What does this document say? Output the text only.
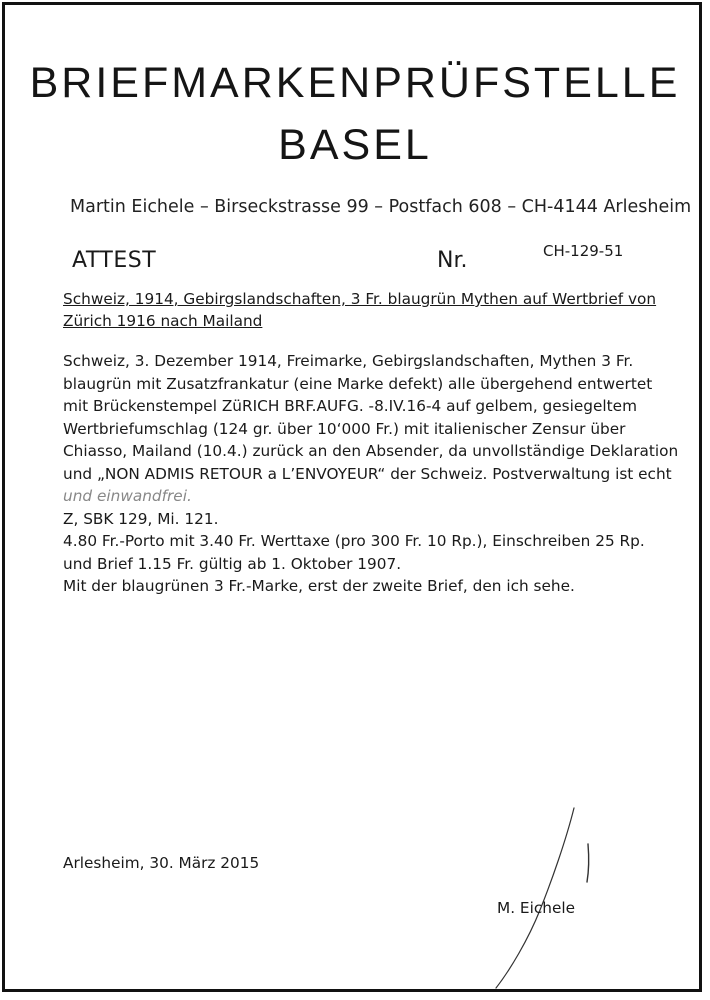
BRIEFMARKENPRÜFSTELLE
BASEL
Martin Eichele – Birseckstrasse 99 – Postfach 608 – CH-4144 Arlesheim
ATTEST	Nr.	CH-129-51
Schweiz, 1914, Gebirgslandschaften, 3 Fr. blaugrün Mythen auf Wertbrief von
Zürich 1916 nach Mailand
Schweiz, 3. Dezember 1914, Freimarke, Gebirgslandschaften, Mythen 3 Fr.
blaugrün mit Zusatzfrankatur (eine Marke defekt) alle übergehend entwertet
mit Brückenstempel ZüRICH BRF.AUFG. -8.IV.16-4 auf gelbem, gesiegeltem
Wertbriefumschlag (124 gr. über 10‘000 Fr.) mit italienischer Zensur über
Chiasso, Mailand (10.4.) zurück an den Absender, da unvollständige Deklaration
und „NON ADMIS RETOUR a L’ENVOYEUR“ der Schweiz. Postverwaltung ist echt
und einwandfrei.
Z, SBK 129, Mi. 121.
4.80 Fr.-Porto mit 3.40 Fr. Werttaxe (pro 300 Fr. 10 Rp.), Einschreiben 25 Rp.
und Brief 1.15 Fr. gültig ab 1. Oktober 1907.
Mit der blaugrünen 3 Fr.-Marke, erst der zweite Brief, den ich sehe.
Arlesheim, 30. März 2015
M. Eichele
